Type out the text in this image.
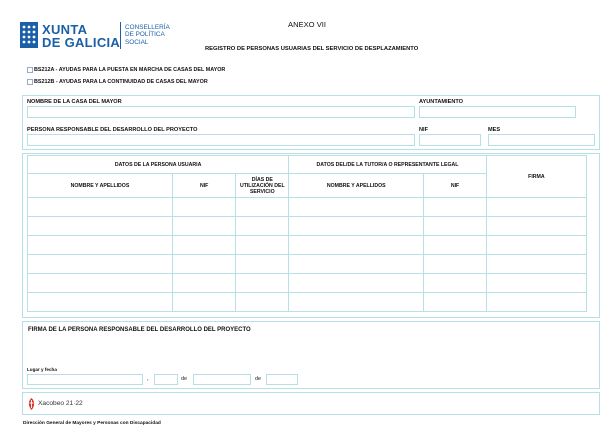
XUNTA
DE GALICIA
CONSELLERÍA
DE POLÍTICA
SOCIAL
ANEXO VII
REGISTRO DE PERSONAS USUARIAS DEL SERVICIO DE DESPLAZAMIENTO
BS212A - AYUDAS PARA LA PUESTA EN MARCHA DE CASAS DEL MAYOR
BS212B - AYUDAS PARA LA CONTINUIDAD DE CASAS DEL MAYOR
NOMBRE DE LA CASA DEL MAYOR	AYUNTAMIENTO
PERSONA RESPONSABLE DEL DESARROLLO DEL PROYECTO	NIF	MES
DATOS DE LA PERSONA USUARIA			DATOS DEL/DE LA TUTOR/A O REPRESENTANTE LEGAL		FIRMA
NOMBRE Y APELLIDOS	NIF	DÍAS DE
UTILIZACIÓN DEL
SERVICIO	NOMBRE Y APELLIDOS	NIF	

FIRMA DE LA PERSONA RESPONSABLE DEL DESARROLLO DEL PROYECTO
Lugar y fecha
,	de	de
Xacobeo 21·22
Dirección General de Mayores y Personas con Discapacidad
